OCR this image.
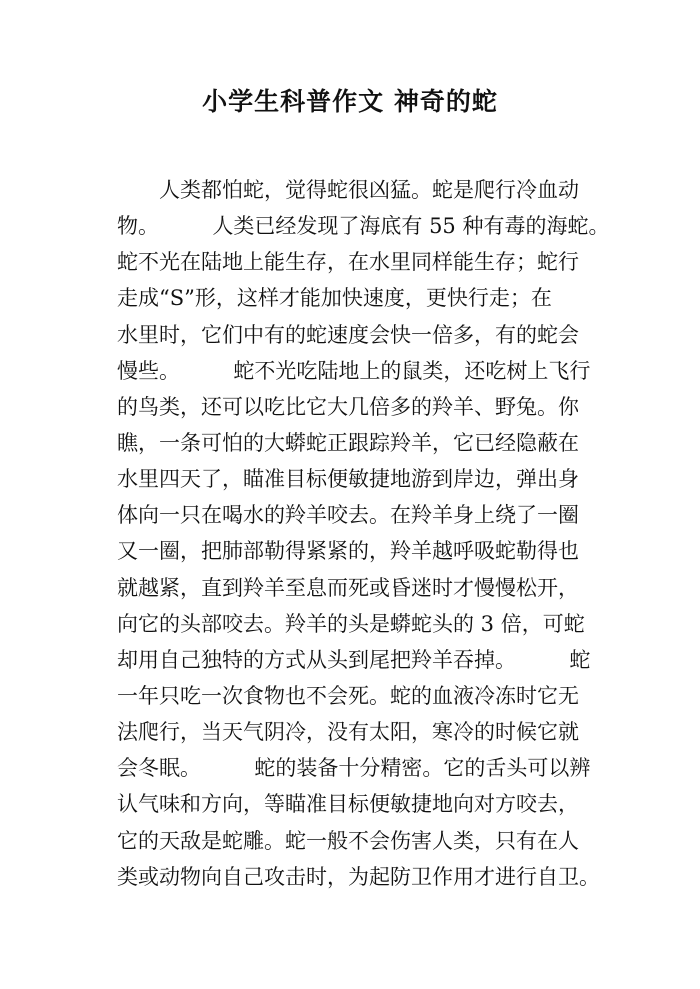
小学生科普作文 神奇的蛇
人类都怕蛇，觉得蛇很凶猛。蛇是爬行冷血动
物。        人类已经发现了海底有 55 种有毒的海蛇。
蛇不光在陆地上能生存，在水里同样能生存；蛇行
走成“S”形，这样才能加快速度，更快行走；在
水里时，它们中有的蛇速度会快一倍多，有的蛇会
慢些。        蛇不光吃陆地上的鼠类，还吃树上飞行
的鸟类，还可以吃比它大几倍多的羚羊、野兔。你
瞧，一条可怕的大蟒蛇正跟踪羚羊，它已经隐蔽在
水里四天了，瞄准目标便敏捷地游到岸边，弹出身
体向一只在喝水的羚羊咬去。在羚羊身上绕了一圈
又一圈，把肺部勒得紧紧的，羚羊越呼吸蛇勒得也
就越紧，直到羚羊至息而死或昏迷时才慢慢松开，
向它的头部咬去。羚羊的头是蟒蛇头的 3 倍，可蛇
却用自己独特的方式从头到尾把羚羊吞掉。        蛇
一年只吃一次食物也不会死。蛇的血液冷冻时它无
法爬行，当天气阴冷，没有太阳，寒冷的时候它就
会冬眠。        蛇的装备十分精密。它的舌头可以辨
认气味和方向，等瞄准目标便敏捷地向对方咬去，
它的天敌是蛇雕。蛇一般不会伤害人类，只有在人
类或动物向自己攻击时，为起防卫作用才进行自卫。
